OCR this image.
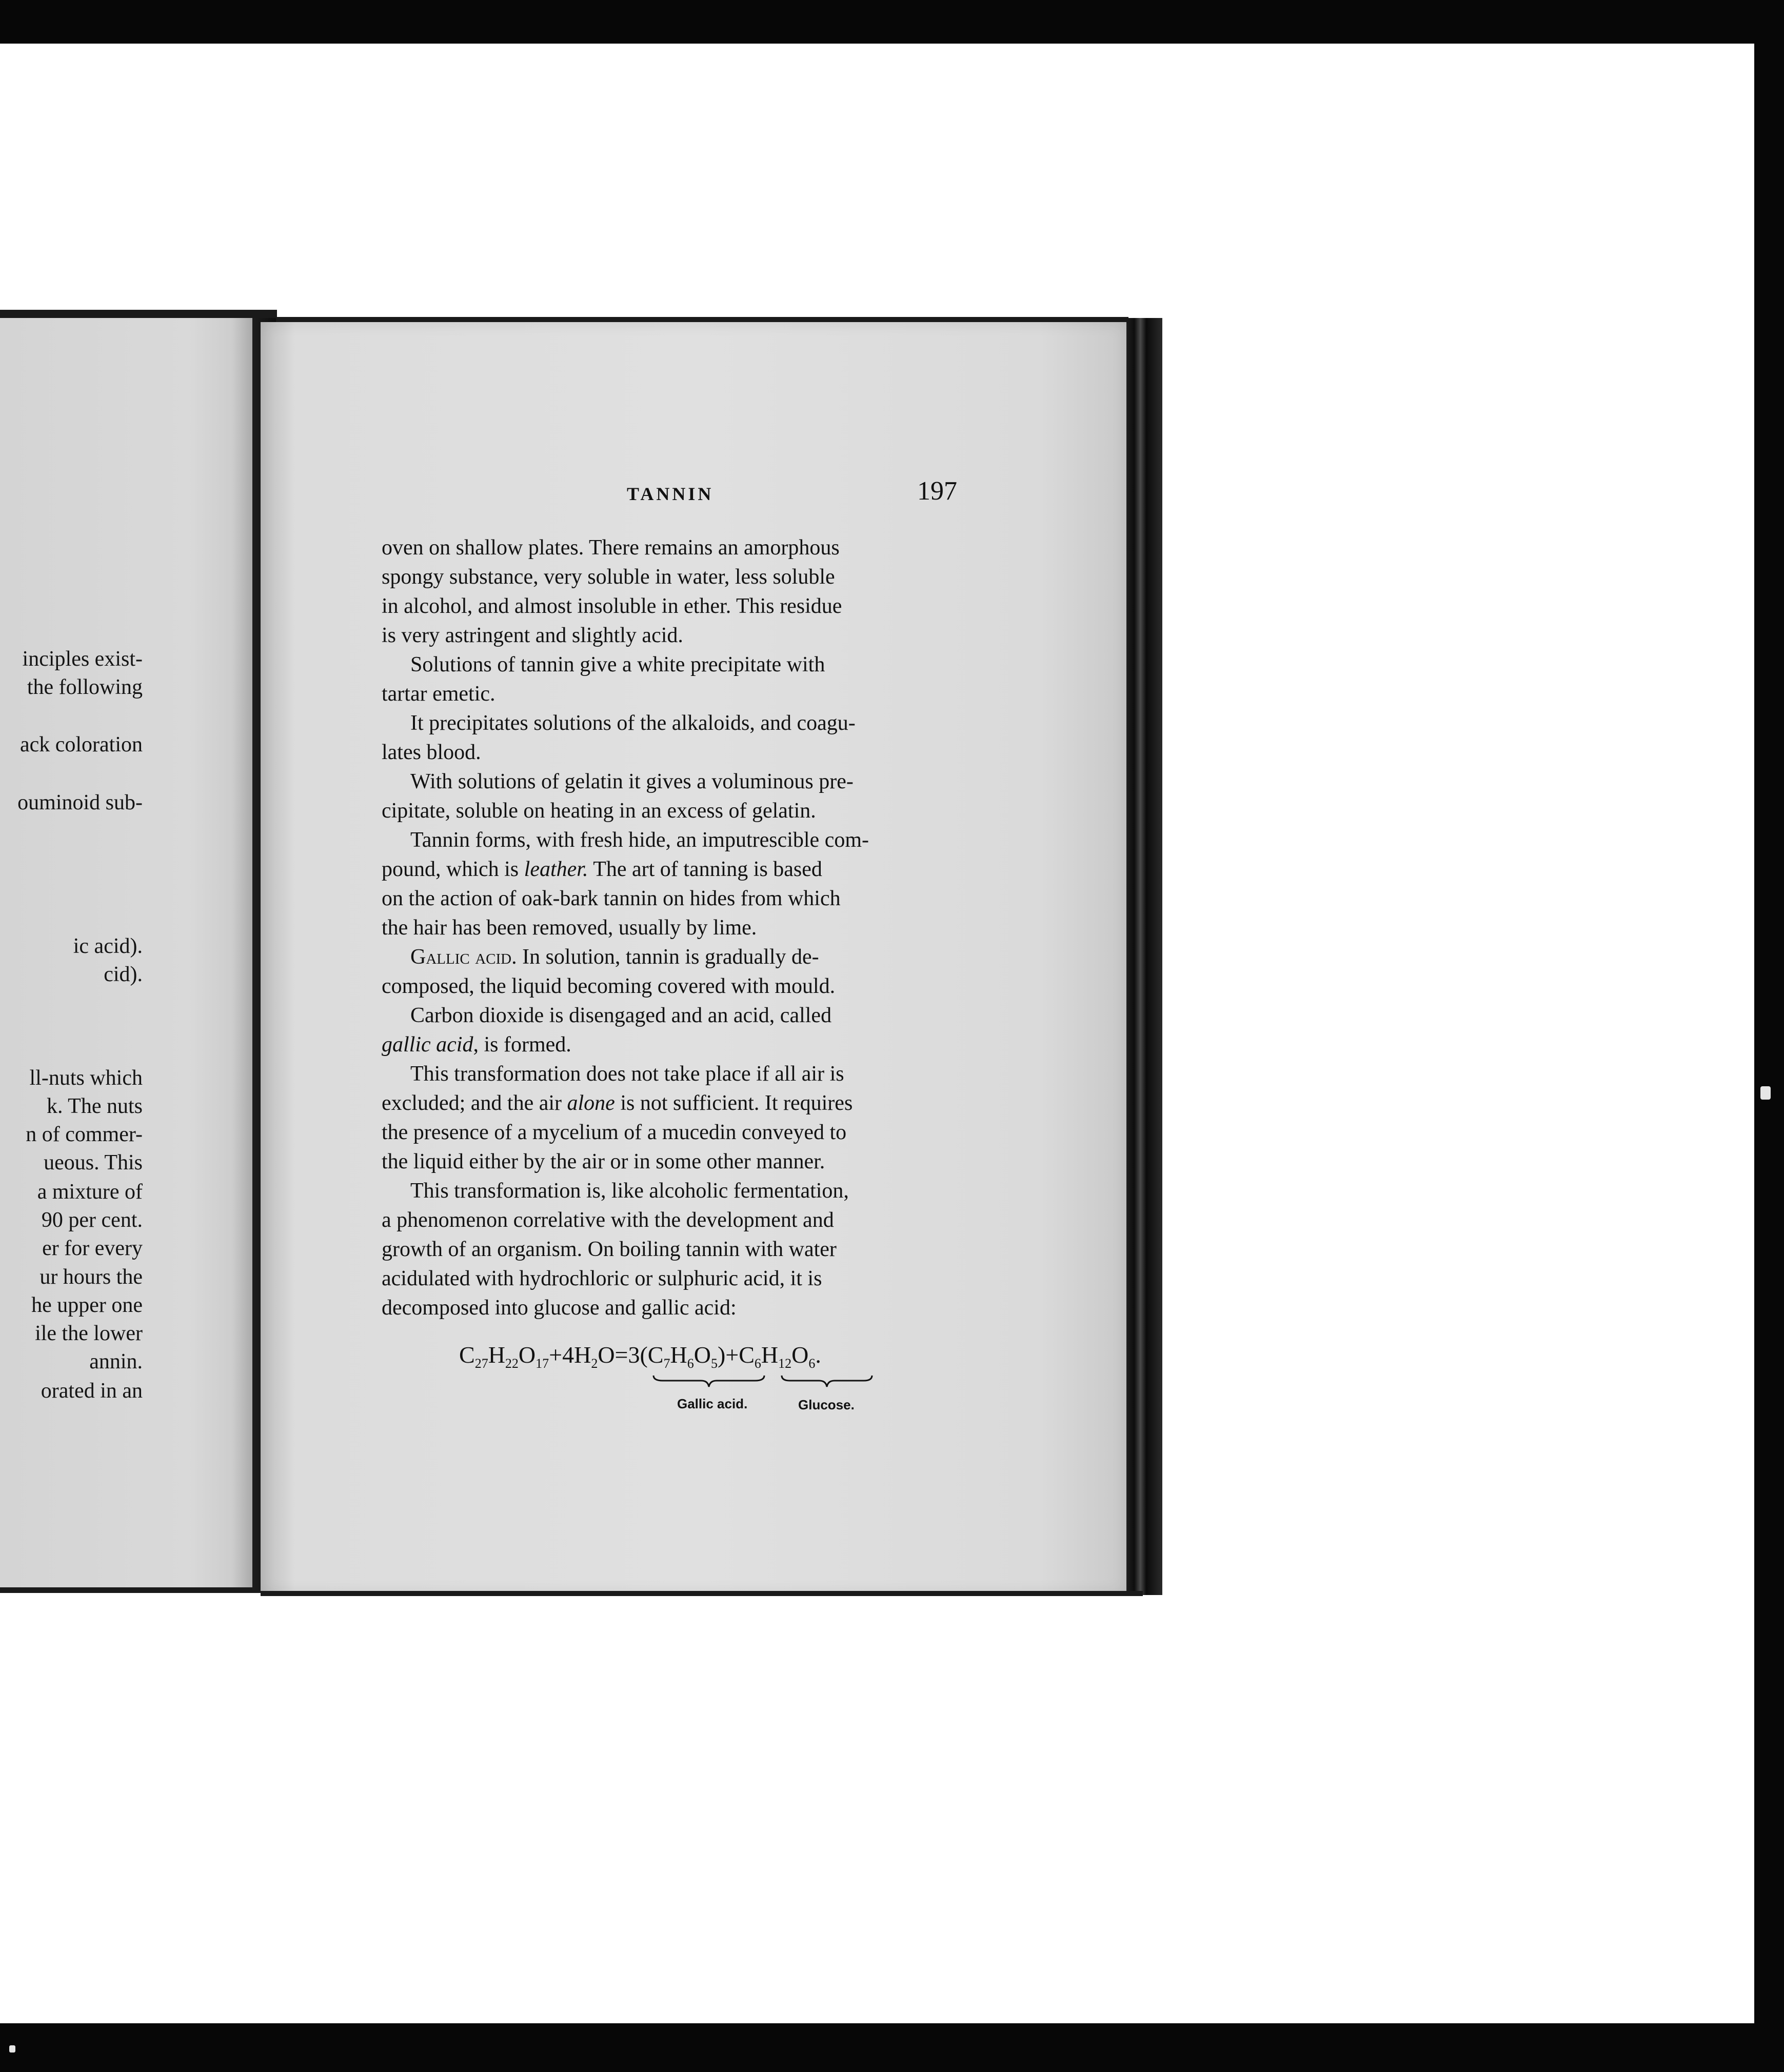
inciples exist-
the following
ack coloration
ouminoid sub-
ic acid).
cid).
ll-nuts which
k. The nuts
n of commer-
ueous. This
a mixture of
90 per cent.
er for every
ur hours the
he upper one
ile the lower
annin.
orated in an
TANNIN	197
oven on shallow plates. There remains an amorphous
spongy substance, very soluble in water, less soluble
in alcohol, and almost insoluble in ether. This residue
is very astringent and slightly acid.
Solutions of tannin give a white precipitate with
tartar emetic.
It precipitates solutions of the alkaloids, and coagu-
lates blood.
With solutions of gelatin it gives a voluminous pre-
cipitate, soluble on heating in an excess of gelatin.
Tannin forms, with fresh hide, an imputrescible com-
pound, which is leather. The art of tanning is based
on the action of oak-bark tannin on hides from which
the hair has been removed, usually by lime.
Gallic acid. In solution, tannin is gradually de-
composed, the liquid becoming covered with mould.
Carbon dioxide is disengaged and an acid, called
gallic acid, is formed.
This transformation does not take place if all air is
excluded; and the air alone is not sufficient. It requires
the presence of a mycelium of a mucedin conveyed to
the liquid either by the air or in some other manner.
This transformation is, like alcoholic fermentation,
a phenomenon correlative with the development and
growth of an organism. On boiling tannin with water
acidulated with hydrochloric or sulphuric acid, it is
decomposed into glucose and gallic acid:
$C_{27}H_{22}O_{17}+4H_2O=3(C_7H_6O_5)+C_6H_{12}O_6$.
Gallic acid.	Glucose.
